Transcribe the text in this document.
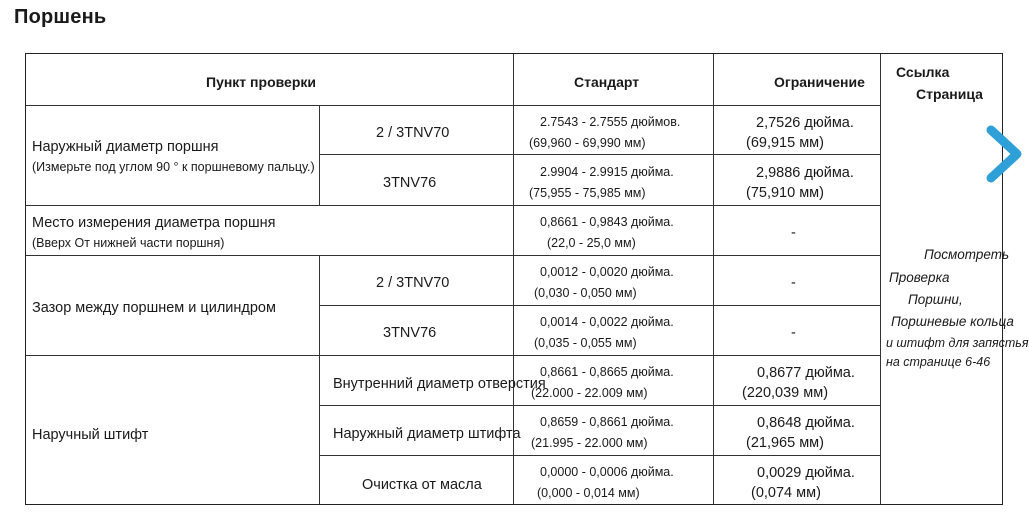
Поршень
Пункт проверки	Стандарт	Ограничение
Ссылка
Страница
Наружный диаметр поршня
(Измерьте под углом 90 ° к поршневому пальцу.)
2 / 3TNV70
2.7543 - 2.7555 дюймов.
(69,960 - 69,990 мм)
2,7526 дюйма.
(69,915 мм)
3TNV76
2.9904 - 2.9915 дюйма.
(75,955 - 75,985 мм)
2,9886 дюйма.
(75,910 мм)
Место измерения диаметра поршня
(Вверх От нижней части поршня)
0,8661 - 0,9843 дюйма.
(22,0 - 25,0 мм)
-
Зазор между поршнем и цилиндром
2 / 3TNV70
0,0012 - 0,0020 дюйма.
(0,030 - 0,050 мм)
-
3TNV76
0,0014 - 0,0022 дюйма.
(0,035 - 0,055 мм)
-
Наручный штифт
Внутренний диаметр отверстия
0,8661 - 0,8665 дюйма.
(22.000 - 22.009 мм)
0,8677 дюйма.
(220,039 мм)
Наружный диаметр штифта
0,8659 - 0,8661 дюйма.
(21.995 - 22.000 мм)
0,8648 дюйма.
(21,965 мм)
Очистка от масла
0,0000 - 0,0006 дюйма.
(0,000 - 0,014 мм)
0,0029 дюйма.
(0,074 мм)
Посмотреть
Проверка
Поршни,
Поршневые кольца
и штифт для запястья
на странице 6-46
